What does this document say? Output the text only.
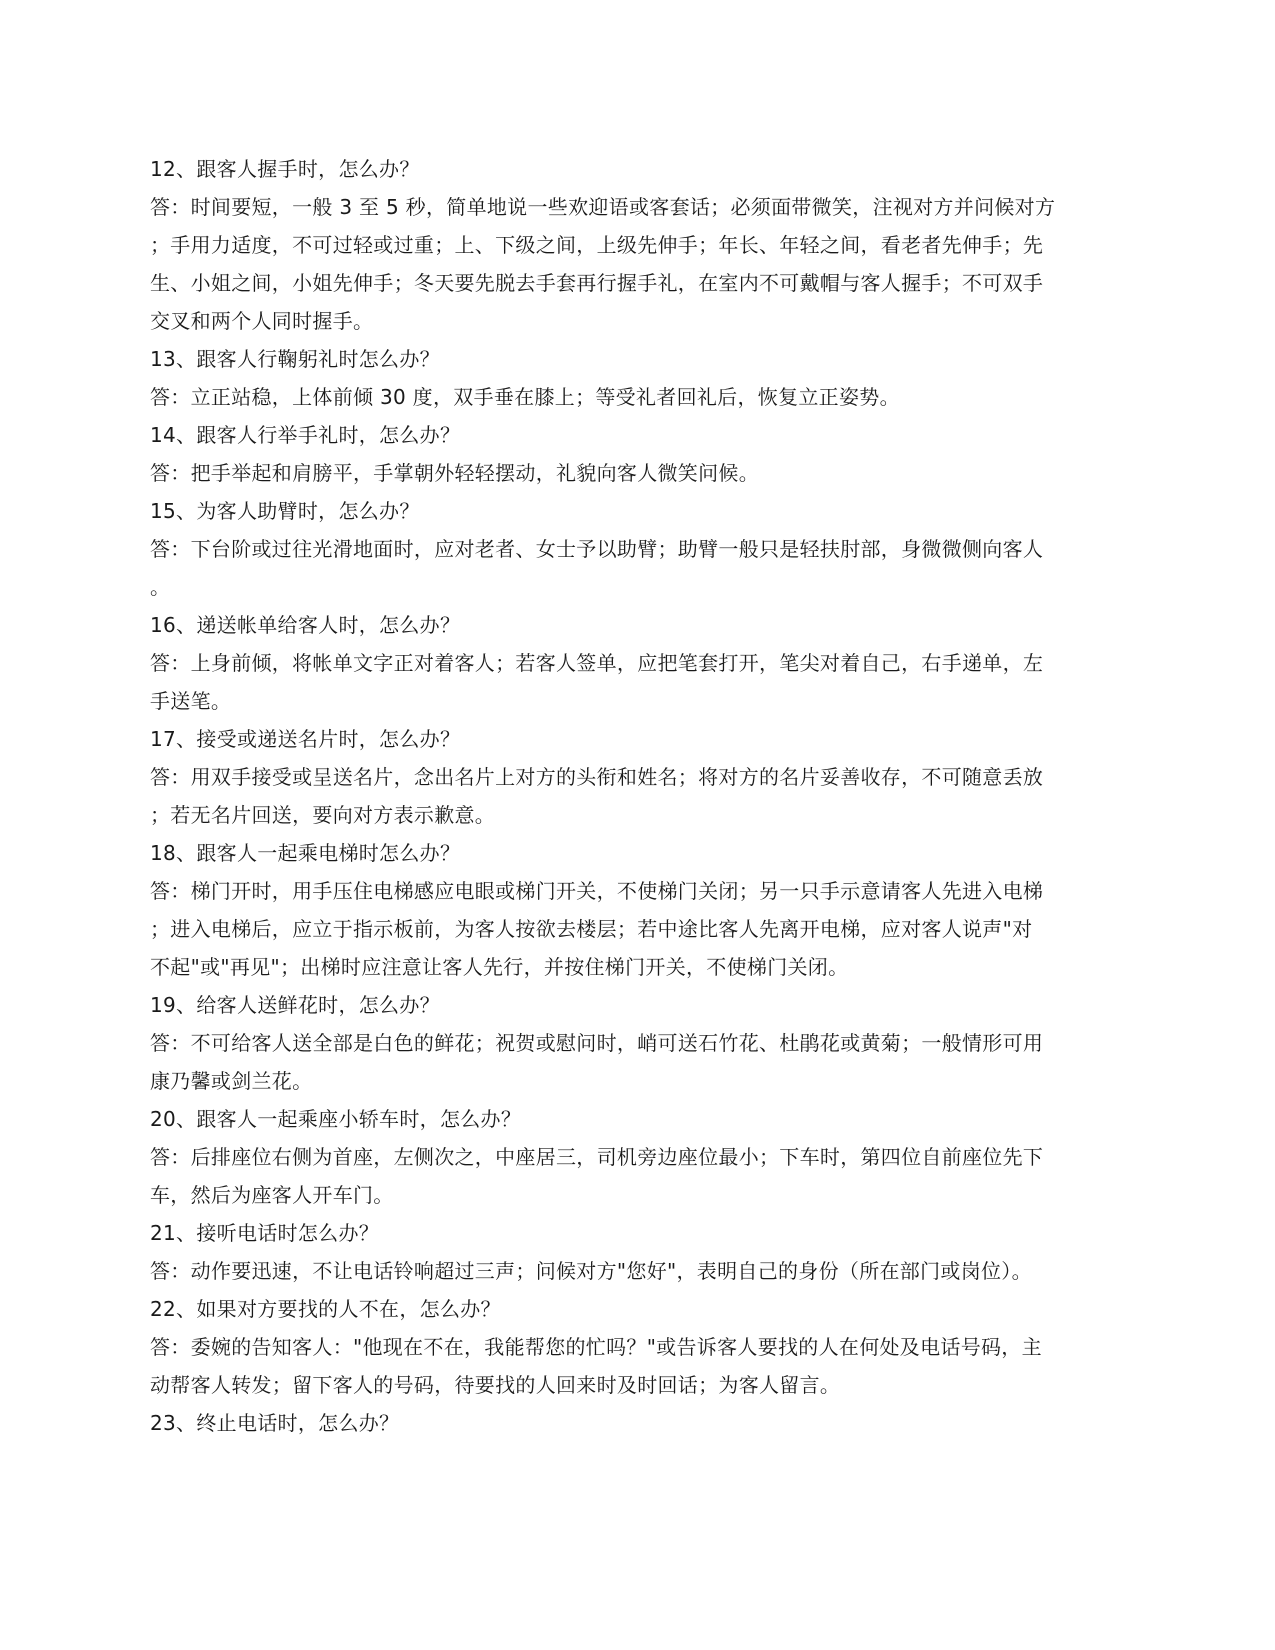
12、跟客人握手时，怎么办？
答：时间要短，一般 3 至 5 秒，简单地说一些欢迎语或客套话；必须面带微笑，注视对方并问候对方
；手用力适度，不可过轻或过重；上、下级之间，上级先伸手；年长、年轻之间，看老者先伸手；先
生、小姐之间，小姐先伸手；冬天要先脱去手套再行握手礼，在室内不可戴帽与客人握手；不可双手
交叉和两个人同时握手。
13、跟客人行鞠躬礼时怎么办？
答：立正站稳，上体前倾 30 度，双手垂在膝上；等受礼者回礼后，恢复立正姿势。
14、跟客人行举手礼时，怎么办？
答：把手举起和肩膀平，手掌朝外轻轻摆动，礼貌向客人微笑问候。
15、为客人助臂时，怎么办？
答：下台阶或过往光滑地面时，应对老者、女士予以助臂；助臂一般只是轻扶肘部，身微微侧向客人
。
16、递送帐单给客人时，怎么办？
答：上身前倾，将帐单文字正对着客人；若客人签单，应把笔套打开，笔尖对着自己，右手递单，左
手送笔。
17、接受或递送名片时，怎么办？
答：用双手接受或呈送名片，念出名片上对方的头衔和姓名；将对方的名片妥善收存，不可随意丢放
；若无名片回送，要向对方表示歉意。
18、跟客人一起乘电梯时怎么办？
答：梯门开时，用手压住电梯感应电眼或梯门开关，不使梯门关闭；另一只手示意请客人先进入电梯
；进入电梯后，应立于指示板前，为客人按欲去楼层；若中途比客人先离开电梯，应对客人说声"对
不起"或"再见"；出梯时应注意让客人先行，并按住梯门开关，不使梯门关闭。
19、给客人送鲜花时，怎么办？
答：不可给客人送全部是白色的鲜花；祝贺或慰问时，峭可送石竹花、杜鹃花或黄菊；一般情形可用
康乃馨或剑兰花。
20、跟客人一起乘座小轿车时，怎么办？
答：后排座位右侧为首座，左侧次之，中座居三，司机旁边座位最小；下车时，第四位自前座位先下
车，然后为座客人开车门。
21、接听电话时怎么办？
答：动作要迅速，不让电话铃响超过三声；问候对方"您好"，表明自己的身份（所在部门或岗位）。
22、如果对方要找的人不在，怎么办？
答：委婉的告知客人："他现在不在，我能帮您的忙吗？"或告诉客人要找的人在何处及电话号码，主
动帮客人转发；留下客人的号码，待要找的人回来时及时回话；为客人留言。
23、终止电话时，怎么办？
